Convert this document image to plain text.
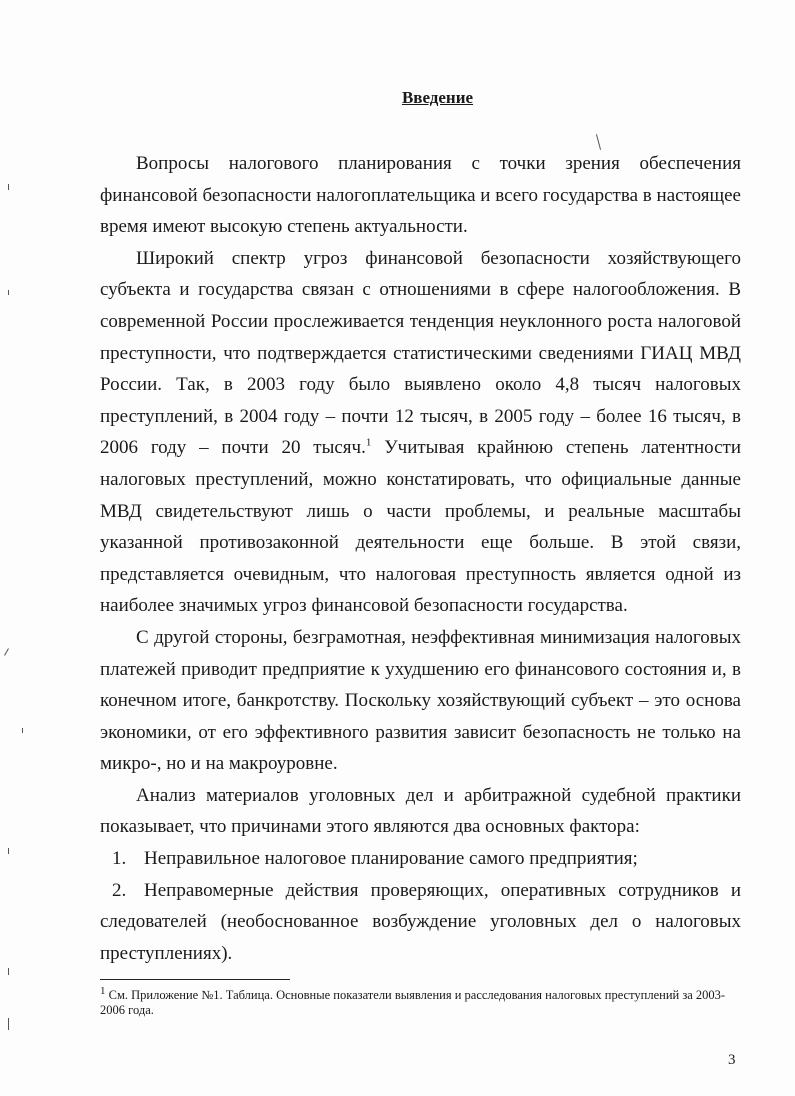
Введение

Вопросы налогового планирования с точки зрения обеспечения финансовой безопасности налогоплательщика и всего государства в настоящее время имеют высокую степень актуальности.

Широкий спектр угроз финансовой безопасности хозяйствующего субъекта и государства связан с отношениями в сфере налогообложения. В современной России прослеживается тенденция неуклонного роста налоговой преступности, что подтверждается статистическими сведениями ГИАЦ МВД России. Так, в 2003 году было выявлено около 4,8 тысяч налоговых преступлений, в 2004 году – почти 12 тысяч, в 2005 году – более 16 тысяч, в 2006 году – почти 20 тысяч.$^1$ Учитывая крайнюю степень латентности налоговых преступлений, можно констатировать, что официальные данные МВД свидетельствуют лишь о части проблемы, и реальные масштабы указанной противозаконной деятельности еще больше. В этой связи, представляется очевидным, что налоговая преступность является одной из наиболее значимых угроз финансовой безопасности государства.

С другой стороны, безграмотная, неэффективная минимизация налоговых платежей приводит предприятие к ухудшению его финансового состояния и, в конечном итоге, банкротству. Поскольку хозяйствующий субъект – это основа экономики, от его эффективного развития зависит безопасность не только на микро-, но и на макроуровне.

Анализ материалов уголовных дел и арбитражной судебной практики показывает, что причинами этого являются два основных фактора:

1. Неправильное налоговое планирование самого предприятия;

2. Неправомерные действия проверяющих, оперативных сотрудников и следователей (необоснованное возбуждение уголовных дел о налоговых преступлениях).

$^1$ См. Приложение №1. Таблица. Основные показатели выявления и расследования налоговых преступлений за 2003-2006 года.
3
